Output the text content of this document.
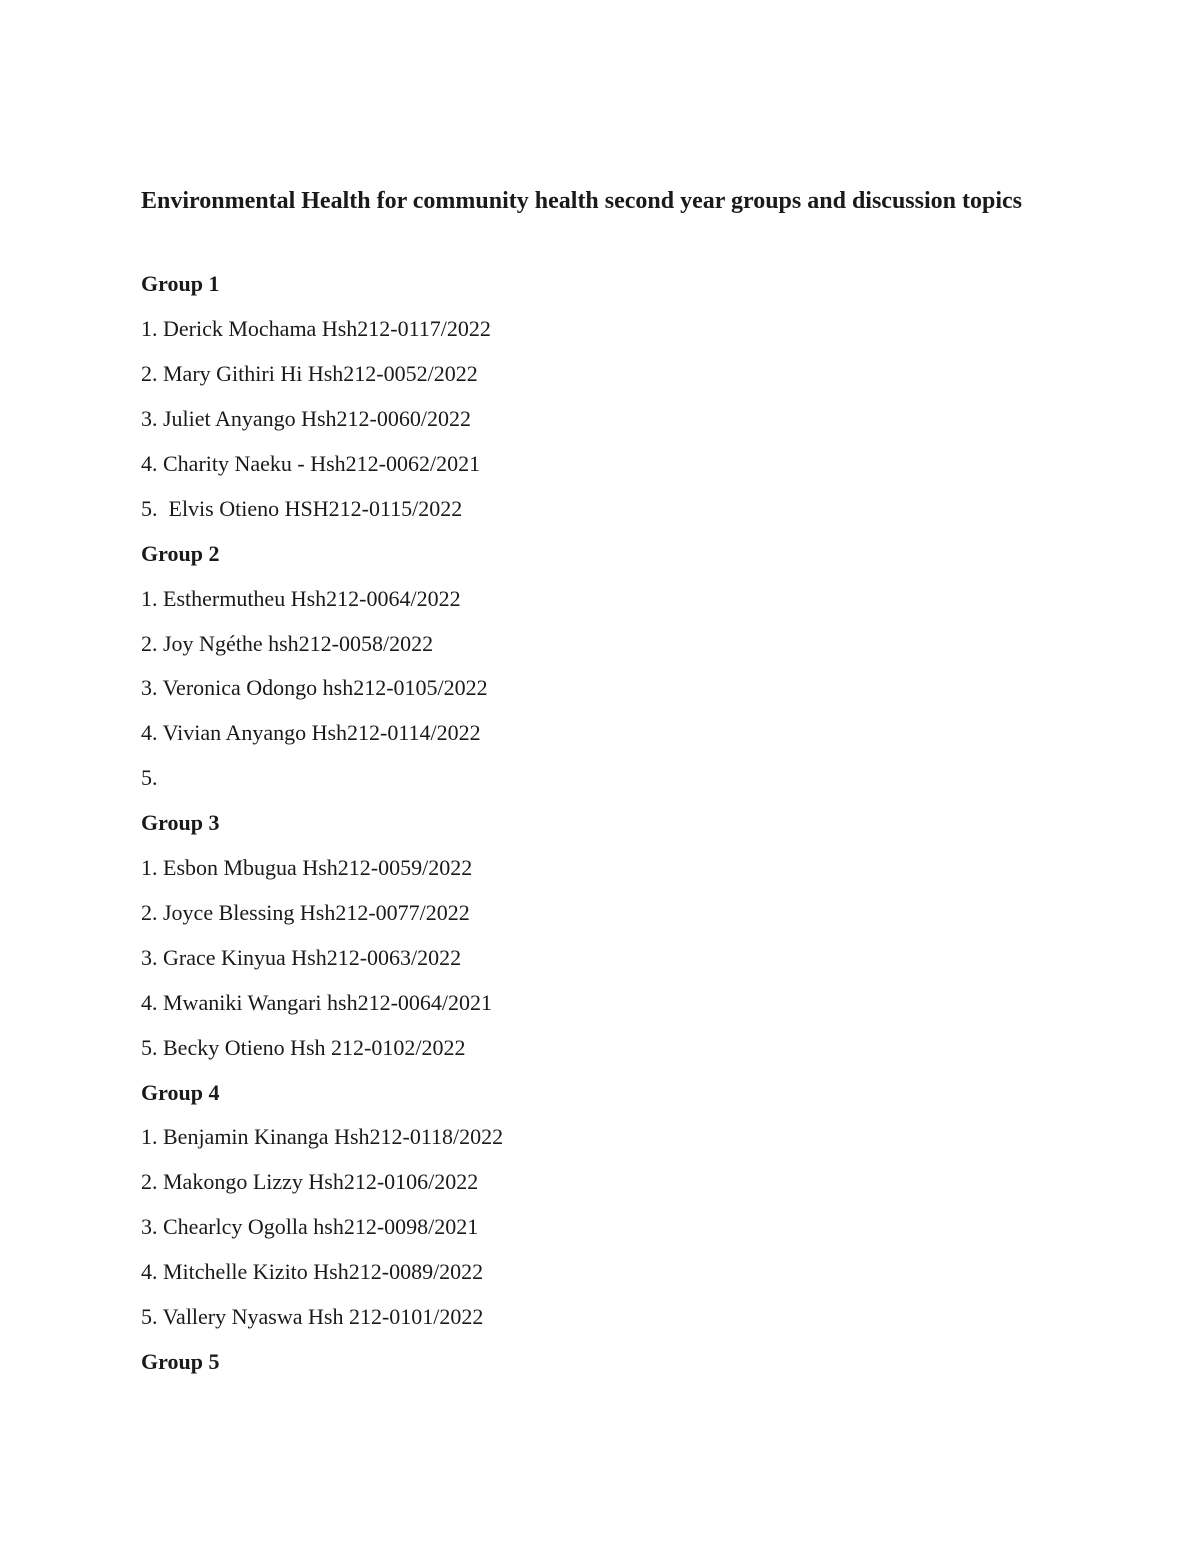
Environmental Health for community health second year groups and discussion topics
Group 1
1. Derick Mochama Hsh212-0117/2022
2. Mary Githiri Hi Hsh212-0052/2022
3. Juliet Anyango Hsh212-0060/2022
4. Charity Naeku - Hsh212-0062/2021
5.  Elvis Otieno HSH212-0115/2022
Group 2
1. Esthermutheu Hsh212-0064/2022
2. Joy Ngéthe hsh212-0058/2022
3. Veronica Odongo hsh212-0105/2022
4. Vivian Anyango Hsh212-0114/2022
5.
Group 3
1. Esbon Mbugua Hsh212-0059/2022
2. Joyce Blessing Hsh212-0077/2022
3. Grace Kinyua Hsh212-0063/2022
4. Mwaniki Wangari hsh212-0064/2021
5. Becky Otieno Hsh 212-0102/2022
Group 4
1. Benjamin Kinanga Hsh212-0118/2022
2. Makongo Lizzy Hsh212-0106/2022
3. Chearlcy Ogolla hsh212-0098/2021
4. Mitchelle Kizito Hsh212-0089/2022
5. Vallery Nyaswa Hsh 212-0101/2022
Group 5
